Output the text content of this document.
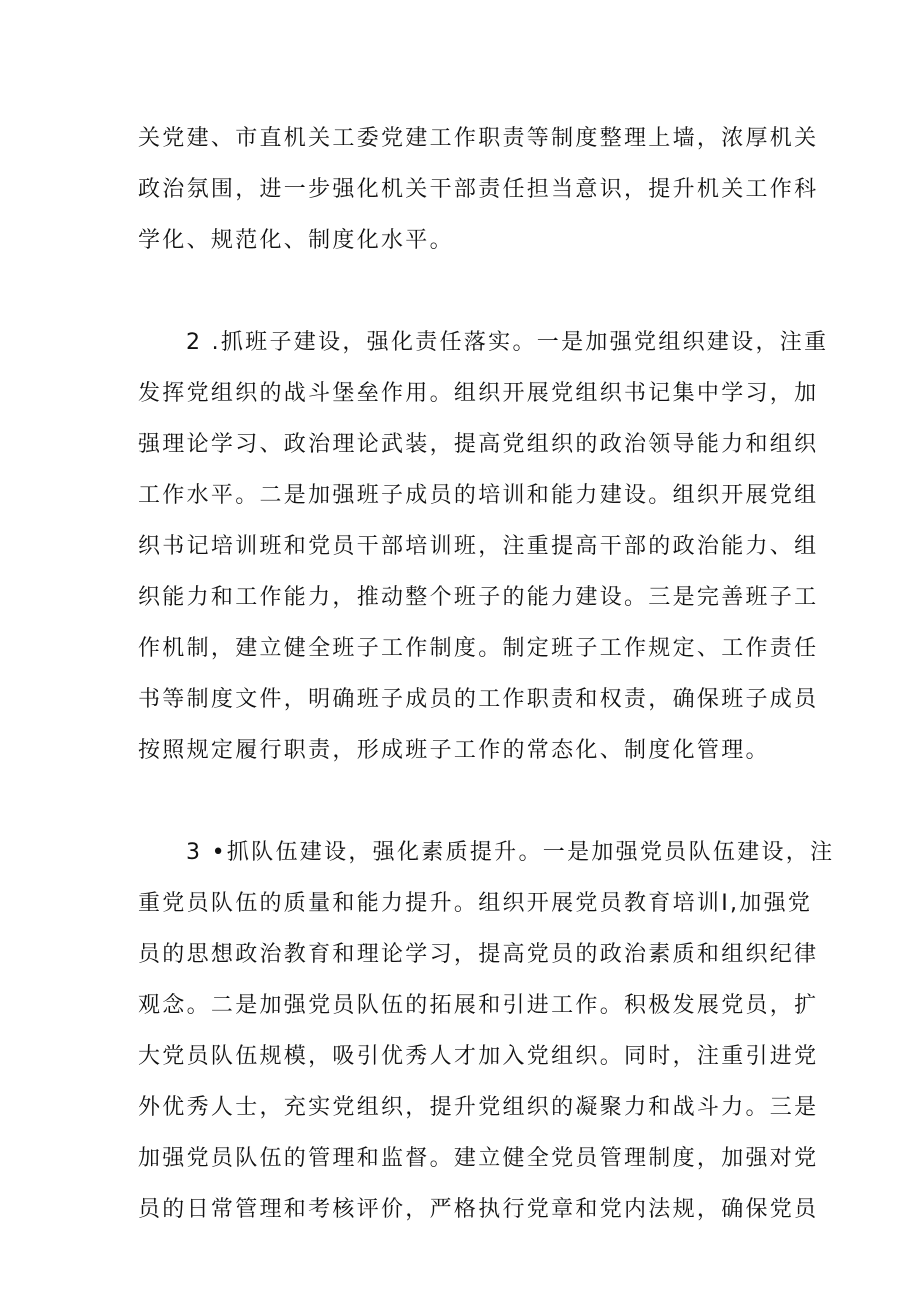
关党建、市直机关工委党建工作职责等制度整理上墙，浓厚机关
政治氛围，进一步强化机关干部责任担当意识，提升机关工作科
学化、规范化、制度化水平。
2 .抓班子建设，强化责任落实。一是加强党组织建设，注重
发挥党组织的战斗堡垒作用。组织开展党组织书记集中学习，加
强理论学习、政治理论武装，提高党组织的政治领导能力和组织
工作水平。二是加强班子成员的培训和能力建设。组织开展党组
织书记培训班和党员干部培训班，注重提高干部的政治能力、组
织能力和工作能力，推动整个班子的能力建设。三是完善班子工
作机制，建立健全班子工作制度。制定班子工作规定、工作责任
书等制度文件，明确班子成员的工作职责和权责，确保班子成员
按照规定履行职责，形成班子工作的常态化、制度化管理。
3 •抓队伍建设，强化素质提升。一是加强党员队伍建设，注
重党员队伍的质量和能力提升。组织开展党员教育培训I,加强党
员的思想政治教育和理论学习，提高党员的政治素质和组织纪律
观念。二是加强党员队伍的拓展和引进工作。积极发展党员，扩
大党员队伍规模，吸引优秀人才加入党组织。同时，注重引进党
外优秀人士，充实党组织，提升党组织的凝聚力和战斗力。三是
加强党员队伍的管理和监督。建立健全党员管理制度，加强对党
员的日常管理和考核评价，严格执行党章和党内法规，确保党员
